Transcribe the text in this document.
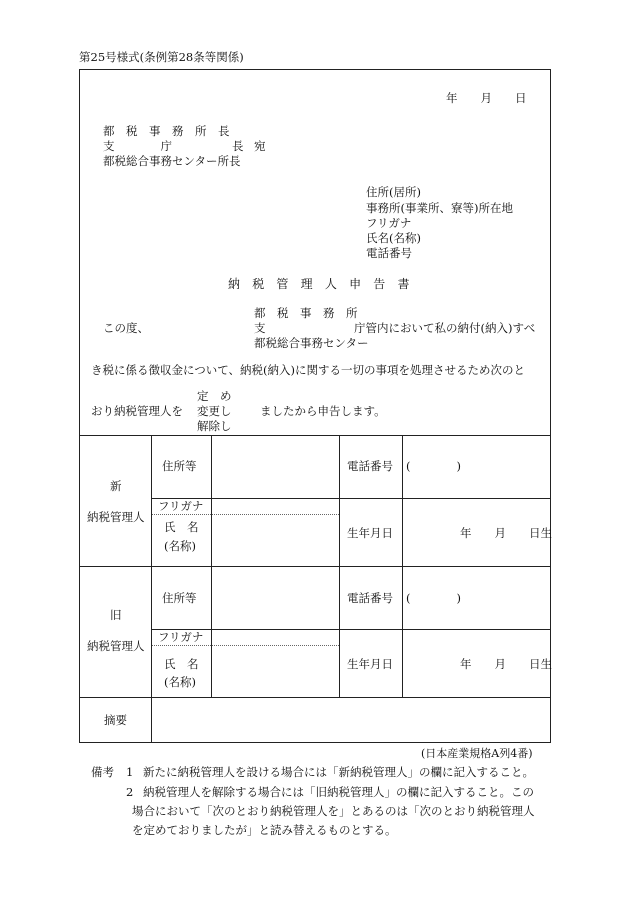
第25号様式(条例第28条等関係)
年　　月　　日
都　税　事　務　所　長
支　　　　庁	長 宛
都税総合事務センター所長
住所(居所)
事務所(事業所、寮等)所在地
フリガナ
氏名(名称)
電話番号
納 税 管 理 人 申 告 書
都　税　事　務　所
この度、	支	庁管内において私の納付(納入)すべ
都税総合事務センター
き税に係る徴収金について、納税(納入)に関する一切の事項を処理させるため次のと
定　め
おり納税管理人を 変更し ましたから申告します。
解除し
新
納税管理人
住所等	電話番号 (　　　　)
フリガナ
氏　名
(名称)
生年月日	年　　月　　日生
旧
納税管理人
住所等	電話番号 (　　　　)
フリガナ
氏　名
(名称)
生年月日	年　　月　　日生
摘要
(日本産業規格A列4番)
備考 1 新たに納税管理人を設ける場合には「新納税管理人」の欄に記入すること。
2 納税管理人を解除する場合には「旧納税管理人」の欄に記入すること。この
場合において「次のとおり納税管理人を」とあるのは「次のとおり納税管理人
を定めておりましたが」と読み替えるものとする。
